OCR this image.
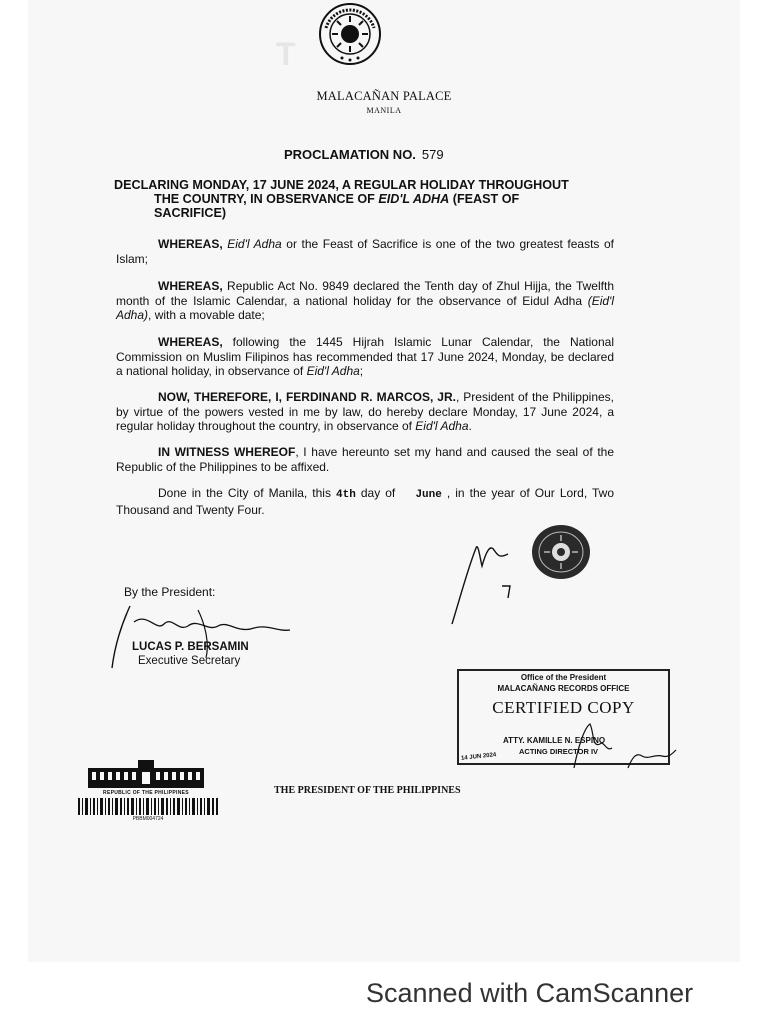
T
MALACAÑAN PALACE
MANILA
PROCLAMATION NO. 579
DECLARING MONDAY, 17 JUNE 2024, A REGULAR HOLIDAY THROUGHOUT
THE COUNTRY, IN OBSERVANCE OF EID'L ADHA (FEAST OF
SACRIFICE)
WHEREAS, Eid'l Adha or the Feast of Sacrifice is one of the two greatest feasts of Islam;
WHEREAS, Republic Act No. 9849 declared the Tenth day of Zhul Hijja, the Twelfth month of the Islamic Calendar, a national holiday for the observance of Eidul Adha (Eid'l Adha), with a movable date;
WHEREAS, following the 1445 Hijrah Islamic Lunar Calendar, the National Commission on Muslim Filipinos has recommended that 17 June 2024, Monday, be declared a national holiday, in observance of Eid'l Adha;
NOW, THEREFORE, I, FERDINAND R. MARCOS, JR., President of the Philippines, by virtue of the powers vested in me by law, do hereby declare Monday, 17 June 2024, a regular holiday throughout the country, in observance of Eid'l Adha.
IN WITNESS WHEREOF, I have hereunto set my hand and caused the seal of the Republic of the Philippines to be affixed.
Done in the City of Manila, this 4th day of    June , in the year of Our Lord, Two Thousand and Twenty Four.
By the President:
LUCAS P. BERSAMIN
Executive Secretary
Office of the President
MALACAÑANG RECORDS OFFICE
CERTIFIED COPY
ATTY. KAMILLE N. ESPINO
ACTING DIRECTOR IV
14 JUN 2024
REPUBLIC OF THE PHILIPPINES
PBBM004724
THE PRESIDENT OF THE PHILIPPINES
Scanned with CamScanner
